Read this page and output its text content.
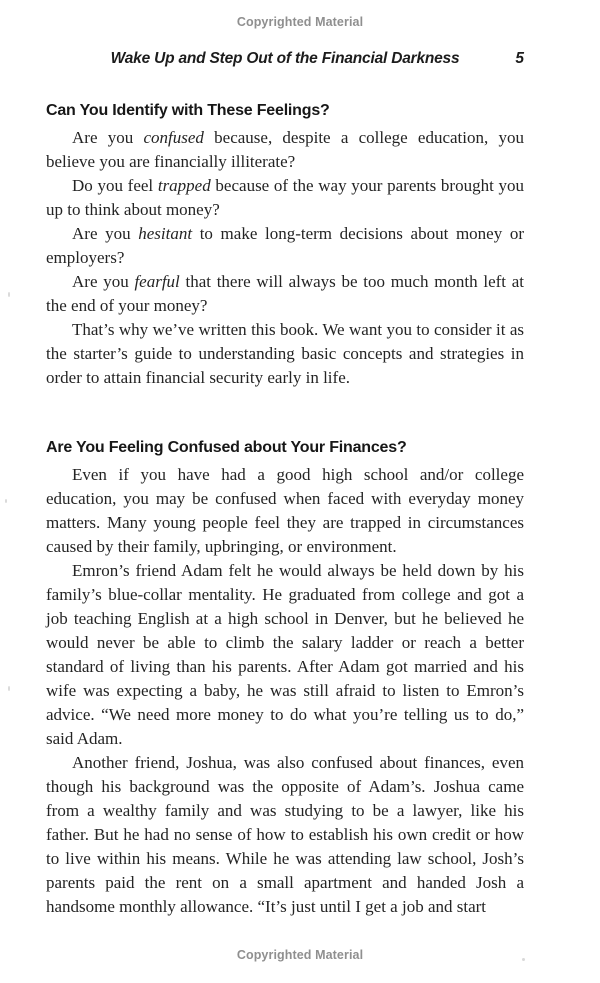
Copyrighted Material
Wake Up and Step Out of the Financial Darkness	5
Can You Identify with These Feelings?

Are you confused because, despite a college education, you believe you are financially illiterate?

Do you feel trapped because of the way your parents brought you up to think about money?

Are you hesitant to make long-term decisions about money or employers?

Are you fearful that there will always be too much month left at the end of your money?

That’s why we’ve written this book. We want you to consider it as the starter’s guide to understanding basic concepts and strategies in order to attain financial security early in life.

Are You Feeling Confused about Your Finances?

Even if you have had a good high school and/or college education, you may be confused when faced with everyday money matters. Many young people feel they are trapped in circumstances caused by their family, upbringing, or environment.

Emron’s friend Adam felt he would always be held down by his family’s blue-collar mentality. He graduated from college and got a job teaching English at a high school in Denver, but he believed he would never be able to climb the salary ladder or reach a better standard of living than his parents. After Adam got married and his wife was expecting a baby, he was still afraid to listen to Emron’s advice. “We need more money to do what you’re telling us to do,” said Adam.

Another friend, Joshua, was also confused about finances, even though his background was the opposite of Adam’s. Joshua came from a wealthy family and was studying to be a lawyer, like his father. But he had no sense of how to establish his own credit or how to live within his means. While he was attending law school, Josh’s parents paid the rent on a small apartment and handed Josh a handsome monthly allowance. “It’s just until I get a job and start

Copyrighted Material
